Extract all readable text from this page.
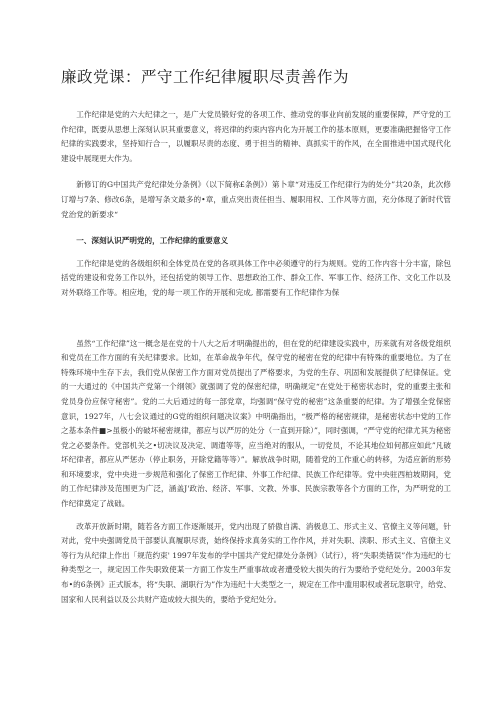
廉政党课：严守工作纪律履职尽责善作为

工作纪律是党的六大纪律之一，是广大党员锻好党的各项工作、推动党的事业向前发展的重要保障，严守党的工作纪律，既要从思想上深刻认识其重要意义，将迟律的约束内容内化为开展工作的基本原则，更要准确把握恪守工作纪律的实践要求，坚持知行合一，以履职尽责的态度、勇于担当的精神、真抓实干的作风，在全面推进中国式现代化建设中展现更大作为。

新修订的G中国共产党纪律处分条例》（以下简称£条例》）第卜章“对违反工作纪律行为的处分”共20条，此次修订增与7条、修改6条，是增写条文最多的•章，重点突出责任担当、履职用权、工作风等方面，充分体现了新时代管党治党的新要求“

一、深刻认识严明党的，工作纪律的重要意义

工作纪律是党的各级组织和全体党员在党的各项具体工作中必须遵守的行为规则。党的工作内容十分丰富，除包括党的建设和党务工作以外，还包括党的领导工作、思想政治工作、群众工作、军事工作、经济工作、文化工作以及对外联络工作等。相应地，党的每一项工作的开展和完成, 都需要有工作纪律作为保

虽然“工作纪律”这一概念是在党的十八大之后才明确提出的，但在党的纪律建设实践中，历来就有对各级党组织和党员在工作方面的有关纪律要求。比如，在革命战争年代，保守党的秘密在党的纪律中有特殊的重要地位。为了在特殊环境中生存下去，我们党从保密工作方面对党员提出了严格要求，为党的生存、巩固和发展提供了纪律保证。党的一大通过的《中国共产党第一个纲领》就强调了党的保密纪律，明确规定“在党处于秘密状态时，党的重要主张和党员身份应保守秘密”。党的二大后通过的每一部党章，均强调“保守党的秘密”这条重要的纪律。为了增强全党保密意识，1927年，八七会议通过的G党的组织问题决议案》中明确指出，“极严格的秘密规律，是秘密状态中党的工作之基本条件■>虽极小的破坏秘密规律，都应与以严厉的处分（一直到开除）”，同时强调，“严守党的纪律尤其为秘密党之必要条件。党部机关之•切决议及决定、调遣等等，应当绝对的服从，一切党员，不论其地位如何都应如此”凡破坏纪律者，都应从严惩办（停止职务，开除党籍等等）”。解放战争时期，随着党的工作重心的转移，为适应新的形势和环境要求，党中央进一步规范和强化了保密工作纪律、外事工作纪律、民族工作纪律等。党中央驻西柏坡期间，党的工作纪律涉及范围更为广泛，涵盖J'政治、经济、军事、文教、外事、民族宗教等各个方面的工作，为严明党的工作纪律奠定了战础。

改革开放新时期，随若各方面工作逐渐展开，党内出现了骄傲自满、消极息工、形式主义、官僚主义等问题，针对此，党中央强调党员干部要认真履职尽责，始终保持求真务实的工作作风，并对失职、渎职、形式主义、官僚主义等行为从纪律上作出「规范约束' 1997年发布的学中国共产党纪律处分条例》（试行），将“失职类错误”作为违纪的七种类型之一，规定因工作失职致使某一方面工作发生严重事故或者遭受较大损失的行为要给予党纪处分。2003年发布•的6条例》正式版本，将“失职、湖职行为”作为违纪十大类型之一，规定在工作中滥用职权或者玩忽职守，给党、国家和人民利益以及公共财产造成较大损失的，要给予党纪处分。
